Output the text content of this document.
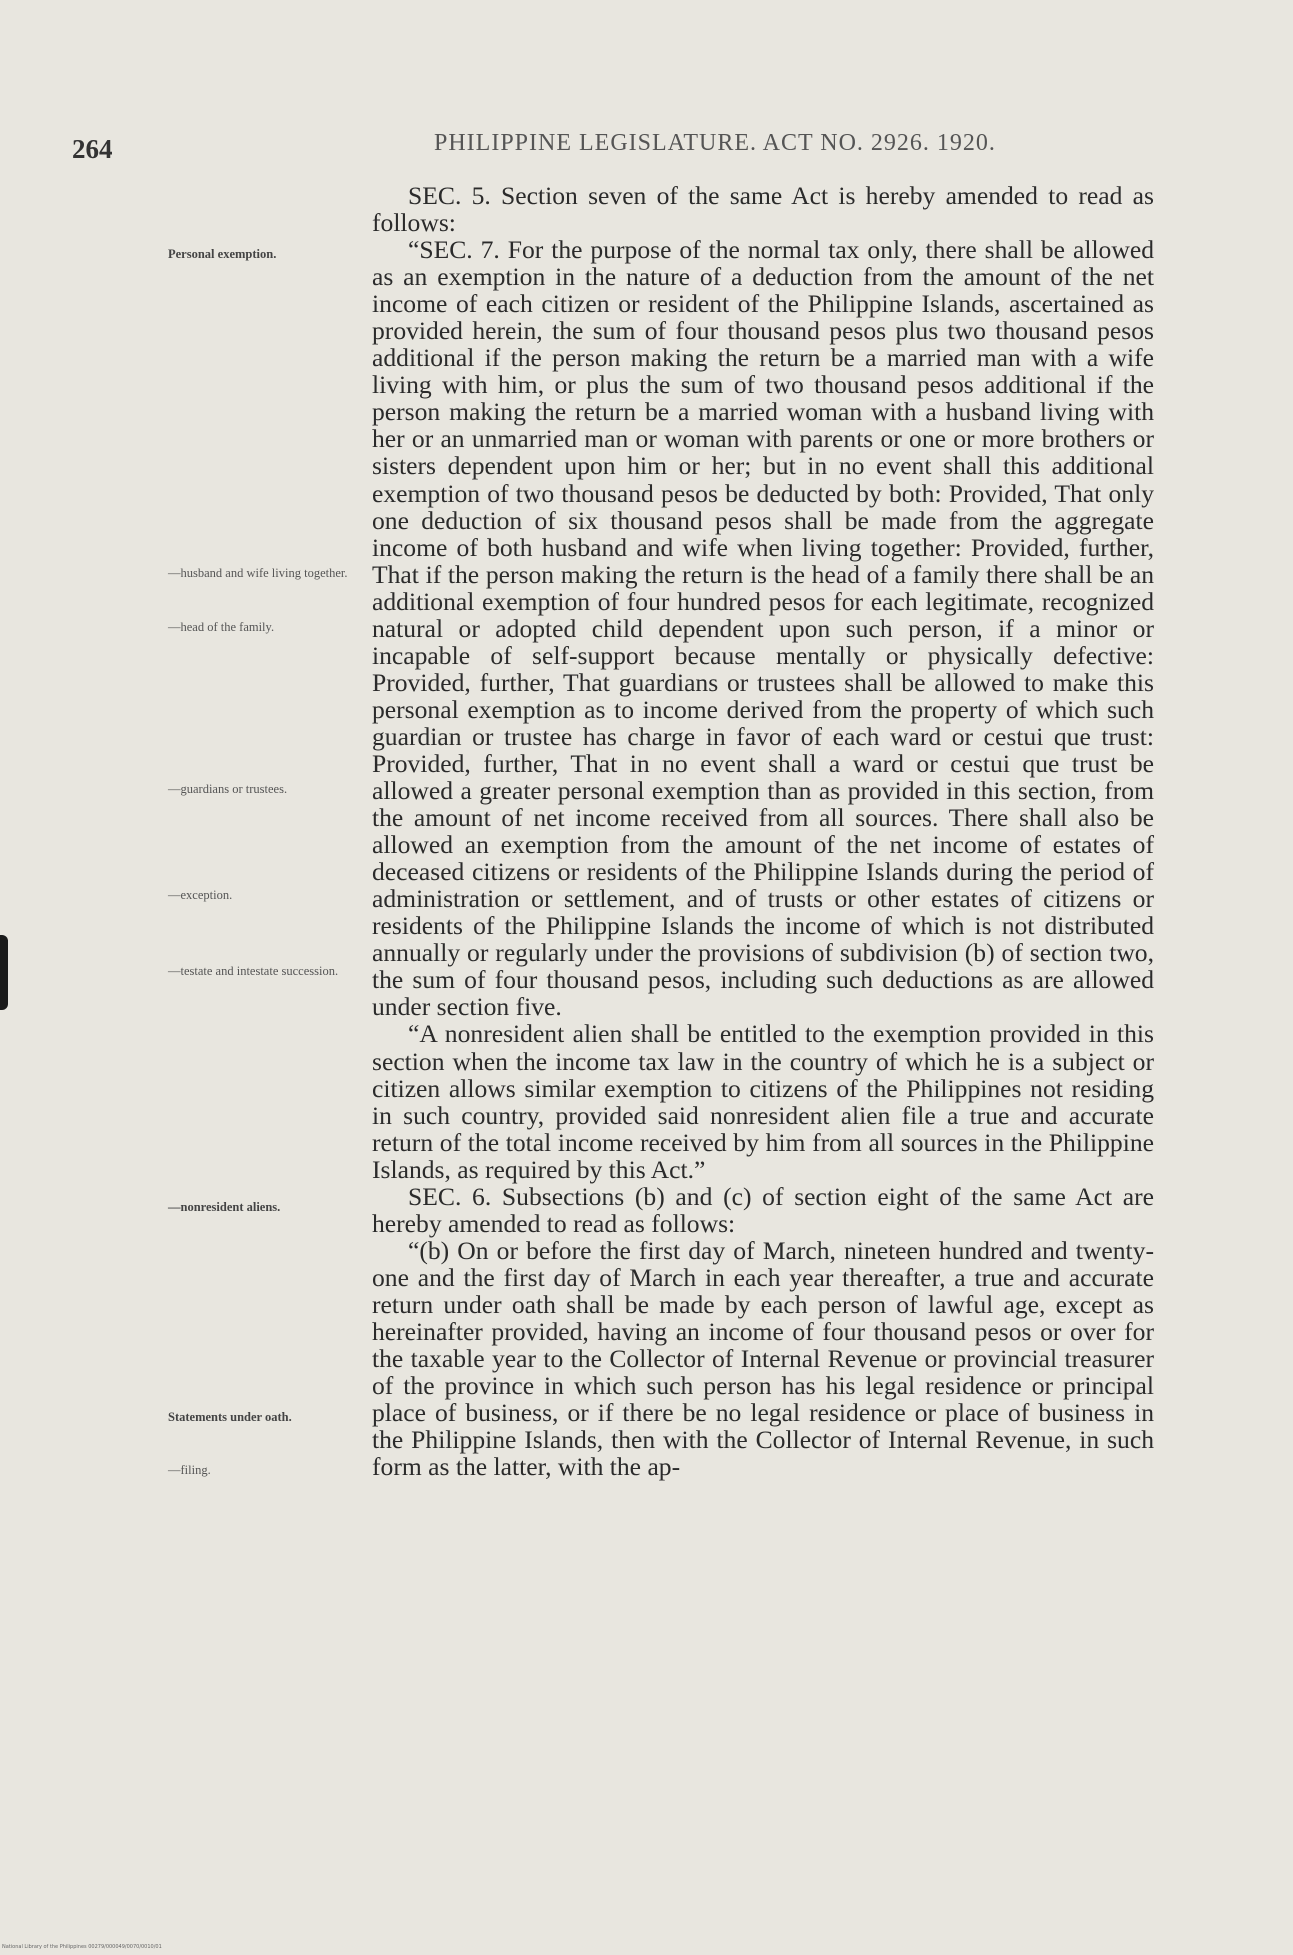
264	PHILIPPINE LEGISLATURE. ACT NO. 2926. 1920.
Personal exemption.
—husband and wife living together.
—head of the family.
—guardians or trustees.
—exception.
—testate and intestate succession.
—nonresident aliens.
Statements under oath.
—filing.

SEC. 5. Section seven of the same Act is hereby amended to read as follows:

“SEC. 7. For the purpose of the normal tax only, there shall be allowed as an exemption in the nature of a deduction from the amount of the net income of each citizen or resident of the Philippine Islands, ascertained as provided herein, the sum of four thousand pesos plus two thousand pesos additional if the person making the return be a married man with a wife living with him, or plus the sum of two thousand pesos additional if the person making the return be a married woman with a husband living with her or an unmarried man or woman with parents or one or more brothers or sisters dependent upon him or her; but in no event shall this additional exemption of two thousand pesos be deducted by both: Provided, That only one deduction of six thousand pesos shall be made from the aggregate income of both husband and wife when living together: Provided, further, That if the person making the return is the head of a family there shall be an additional exemption of four hundred pesos for each legitimate, recognized natural or adopted child dependent upon such person, if a minor or incapable of self-support because mentally or physically defective: Provided, further, That guardians or trustees shall be allowed to make this personal exemption as to income derived from the property of which such guardian or trustee has charge in favor of each ward or cestui que trust: Provided, further, That in no event shall a ward or cestui que trust be allowed a greater personal exemption than as provided in this section, from the amount of net income received from all sources. There shall also be allowed an exemption from the amount of the net income of estates of deceased citizens or residents of the Philippine Islands during the period of administration or settlement, and of trusts or other estates of citizens or residents of the Philippine Islands the income of which is not distributed annually or regularly under the provisions of subdivision (b) of section two, the sum of four thousand pesos, including such deductions as are allowed under section five.

“A nonresident alien shall be entitled to the exemption provided in this section when the income tax law in the country of which he is a subject or citizen allows similar exemption to citizens of the Philippines not residing in such country, provided said nonresident alien file a true and accurate return of the total income received by him from all sources in the Philippine Islands, as required by this Act.”

SEC. 6. Subsections (b) and (c) of section eight of the same Act are hereby amended to read as follows:

“(b) On or before the first day of March, nineteen hundred and twenty-one and the first day of March in each year thereafter, a true and accurate return under oath shall be made by each person of lawful age, except as hereinafter provided, having an income of four thousand pesos or over for the taxable year to the Collector of Internal Revenue or provincial treasurer of the province in which such person has his legal residence or principal place of business, or if there be no legal residence or place of business in the Philippine Islands, then with the Collector of Internal Revenue, in such form as the latter, with the ap-

National Library of the Philippines 00279/000049/0070/0010/01
